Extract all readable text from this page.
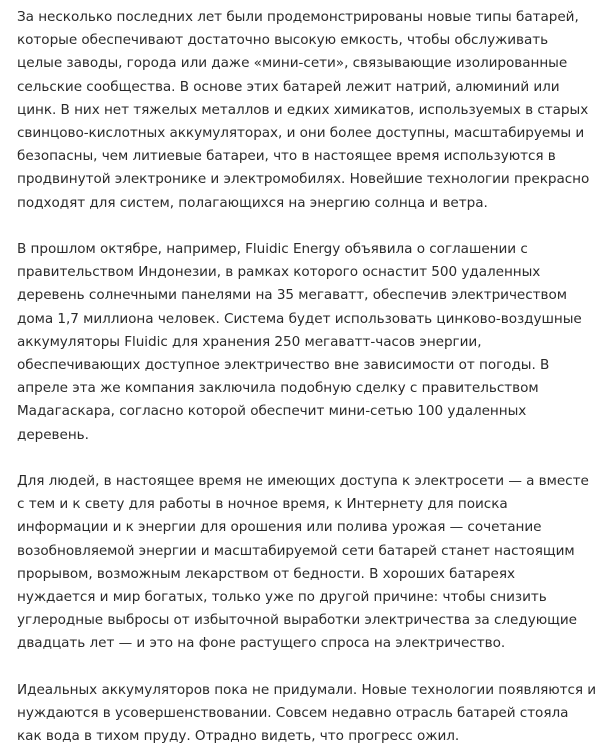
За несколько последних лет были продемонстрированы новые типы батарей, которые обеспечивают достаточно высокую емкость, чтобы обслуживать целые заводы, города или даже «мини-сети», связывающие изолированные сельские сообщества. В основе этих батарей лежит натрий, алюминий или цинк. В них нет тяжелых металлов и едких химикатов, используемых в старых свинцово-кислотных аккумуляторах, и они более доступны, масштабируемы и безопасны, чем литиевые батареи, что в настоящее время используются в продвинутой электронике и электромобилях. Новейшие технологии прекрасно подходят для систем, полагающихся на энергию солнца и ветра.

В прошлом октябре, например, Fluidic Energy объявила о соглашении с правительством Индонезии, в рамках которого оснастит 500 удаленных деревень солнечными панелями на 35 мегаватт, обеспечив электричеством дома 1,7 миллиона человек. Система будет использовать цинково-воздушные аккумуляторы Fluidic для хранения 250 мегаватт-часов энергии, обеспечивающих доступное электричество вне зависимости от погоды. В апреле эта же компания заключила подобную сделку с правительством Мадагаскара, согласно которой обеспечит мини-сетью 100 удаленных деревень.

Для людей, в настоящее время не имеющих доступа к электросети — а вместе с тем и к свету для работы в ночное время, к Интернету для поиска информации и к энергии для орошения или полива урожая — сочетание возобновляемой энергии и масштабируемой сети батарей станет настоящим прорывом, возможным лекарством от бедности. В хороших батареях нуждается и мир богатых, только уже по другой причине: чтобы снизить углеродные выбросы от избыточной выработки электричества за следующие двадцать лет — и это на фоне растущего спроса на электричество.

Идеальных аккумуляторов пока не придумали. Новые технологии появляются и нуждаются в усовершенствовании. Совсем недавно отрасль батарей стояла как вода в тихом пруду. Отрадно видеть, что прогресс ожил.
